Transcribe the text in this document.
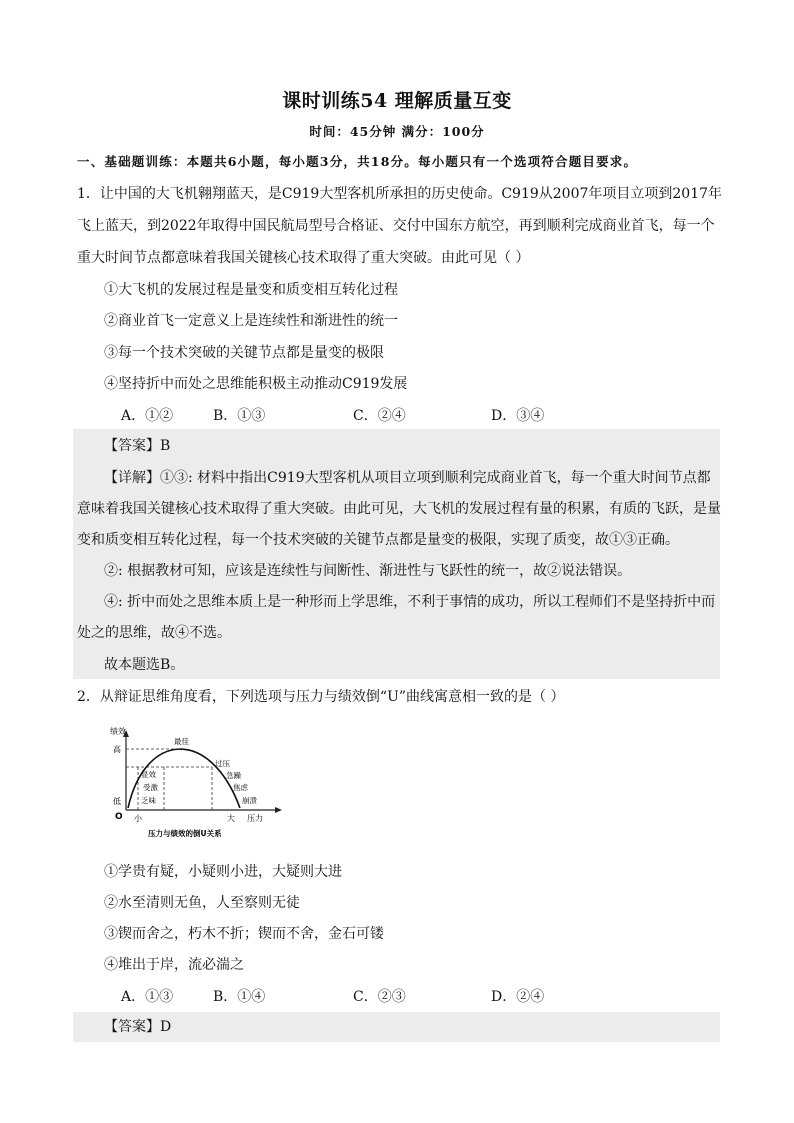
课时训练54 理解质量互变
时间：45分钟 满分：100分
一、基础题训练：本题共6小题，每小题3分，共18分。每小题只有一个选项符合题目要求。
1．让中国的大飞机翱翔蓝天，是C919大型客机所承担的历史使命。C919从2007年项目立项到2017年
飞上蓝天，到2022年取得中国民航局型号合格证、交付中国东方航空，再到顺利完成商业首飞，每一个
重大时间节点都意味着我国关键核心技术取得了重大突破。由此可见（ ）
①大飞机的发展过程是量变和质变相互转化过程
②商业首飞一定意义上是连续性和渐进性的统一
③每一个技术突破的关键节点都是量变的极限
④坚持折中而处之思维能积极主动推动C919发展
A．①②	B．①③	C．②④	D．③④
【答案】B
【详解】①③: 材料中指出C919大型客机从项目立项到顺利完成商业首飞，每一个重大时间节点都
意味着我国关键核心技术取得了重大突破。由此可见，大飞机的发展过程有量的积累，有质的飞跃，是量
变和质变相互转化过程，每一个技术突破的关键节点都是量变的极限，实现了质变，故①③正确。
②: 根据教材可知，应该是连续性与间断性、渐进性与飞跃性的统一，故②说法错误。
④: 折中而处之思维本质上是一种形而上学思维，不利于事情的成功，所以工程师们不是坚持折中而
处之的思维，故④不选。
故本题选B。
2．从辩证思维角度看，下列选项与压力与绩效倒“U”曲线寓意相一致的是（ ）
绩效
高
低
O 小	大 压力
最佳
显效
受激
乏味
过压
急躁
焦虑
崩溃
压力与绩效的倒U关系
①学贵有疑，小疑则小进，大疑则大进
②水至清则无鱼，人至察则无徒
③锲而舍之，朽木不折；锲而不舍，金石可镂
④堆出于岸，流必湍之
A．①③	B．①④	C．②③	D．②④
【答案】D
